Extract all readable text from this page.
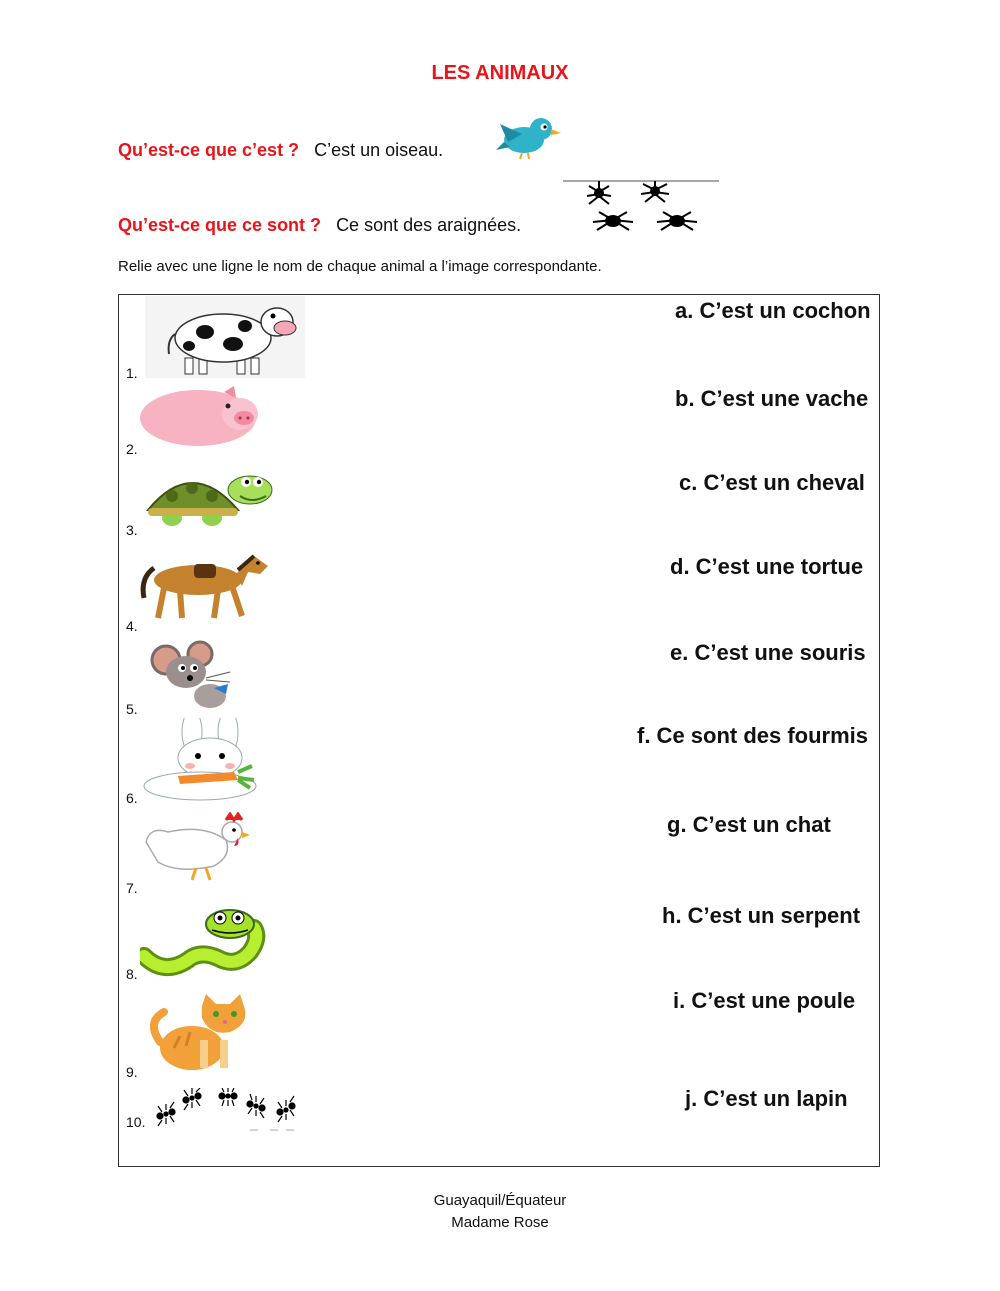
LES ANIMAUX
Qu’est-ce que c’est ? C’est un oiseau.
Qu’est-ce que ce sont ? Ce sont des araignées.
Relie avec une ligne le nom de chaque animal a l’image correspondante.
1.
2.
3.
4.
5.
6.
7.
8.
9.
10.
a. C’est un cochon
b. C’est une vache
c. C’est un cheval
d. C’est une tortue
e. C’est une souris
f. Ce sont des fourmis
g. C’est un chat
h. C’est un serpent
i. C’est une poule
j. C’est un lapin
Guayaquil/Équateur
Madame Rose
